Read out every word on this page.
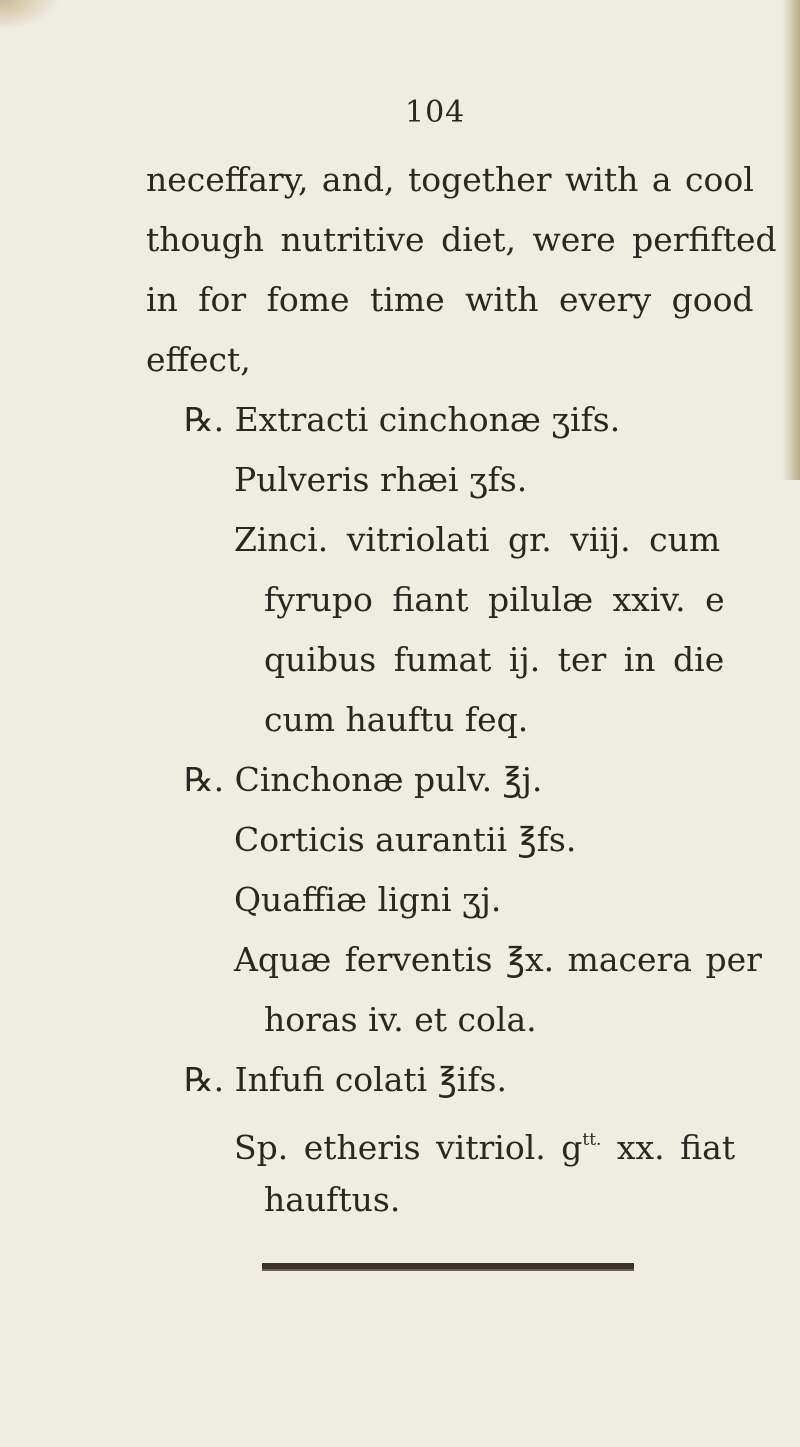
104
neceffary, and, together with a cool
though nutritive diet, were perfifted
in for fome time with every good
effect,
℞. Extracti cinchonæ ʒifs.
Pulveris rhæi ʒfs.
Zinci. vitriolati gr. viij. cum
fyrupo fiant pilulæ xxiv. e
quibus fumat ij. ter in die
cum hauftu feq.
℞. Cinchonæ pulv. ℥j.
Corticis aurantii ℥fs.
Quaffiæ ligni ʒj.
Aquæ ferventis ℥x. macera per
horas iv. et cola.
℞. Infufi colati ℥ifs.
Sp. etheris vitriol. $g^{tt.}$ xx. fiat
hauftus.
